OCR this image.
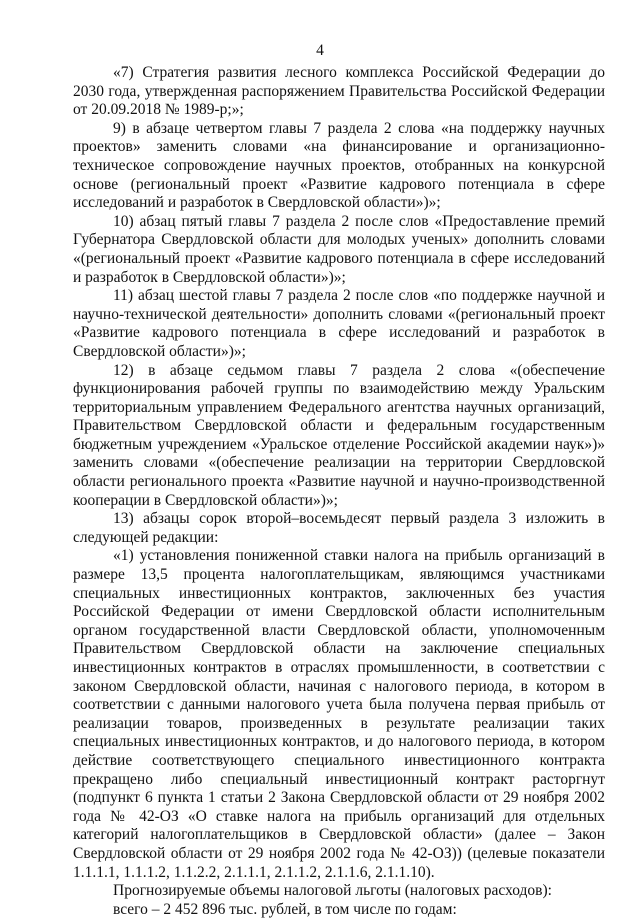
4

«7) Стратегия развития лесного комплекса Российской Федерации до 2030 года, утвержденная распоряжением Правительства Российской Федерации от 20.09.2018 № 1989-р;»;

9) в абзаце четвертом главы 7 раздела 2 слова «на поддержку научных проектов» заменить словами «на финансирование и организационно-техническое сопровождение научных проектов, отобранных на конкурсной основе (региональный проект «Развитие кадрового потенциала в сфере исследований и разработок в Свердловской области»)»;

10) абзац пятый главы 7 раздела 2 после слов «Предоставление премий Губернатора Свердловской области для молодых ученых» дополнить словами «(региональный проект «Развитие кадрового потенциала в сфере исследований и разработок в Свердловской области»)»;

11) абзац шестой главы 7 раздела 2 после слов «по поддержке научной и научно-технической деятельности» дополнить словами «(региональный проект «Развитие кадрового потенциала в сфере исследований и разработок в Свердловской области»)»;

12) в абзаце седьмом главы 7 раздела 2 слова «(обеспечение функционирования рабочей группы по взаимодействию между Уральским территориальным управлением Федерального агентства научных организаций, Правительством Свердловской области и федеральным государственным бюджетным учреждением «Уральское отделение Российской академии наук»)» заменить словами «(обеспечение реализации на территории Свердловской области регионального проекта «Развитие научной и научно-производственной кооперации в Свердловской области»)»;

13) абзацы сорок второй–восемьдесят первый раздела 3 изложить в следующей редакции:

«1) установления пониженной ставки налога на прибыль организаций в размере 13,5 процента налогоплательщикам, являющимся участниками специальных инвестиционных контрактов, заключенных без участия Российской Федерации от имени Свердловской области исполнительным органом государственной власти Свердловской области, уполномоченным Правительством Свердловской области на заключение специальных инвестиционных контрактов в отраслях промышленности, в соответствии с законом Свердловской области, начиная с налогового периода, в котором в соответствии с данными налогового учета была получена первая прибыль от реализации товаров, произведенных в результате реализации таких специальных инвестиционных контрактов, и до налогового периода, в котором действие соответствующего специального инвестиционного контракта прекращено либо специальный инвестиционный контракт расторгнут (подпункт 6 пункта 1 статьи 2 Закона Свердловской области от 29 ноября 2002 года № 42-ОЗ «О ставке налога на прибыль организаций для отдельных категорий налогоплательщиков в Свердловской области» (далее – Закон Свердловской области от 29 ноября 2002 года № 42-ОЗ)) (целевые показатели 1.1.1.1, 1.1.1.2, 1.1.2.2, 2.1.1.1, 2.1.1.2, 2.1.1.6, 2.1.1.10).

Прогнозируемые объемы налоговой льготы (налоговых расходов):

всего – 2 452 896 тыс. рублей, в том числе по годам:
